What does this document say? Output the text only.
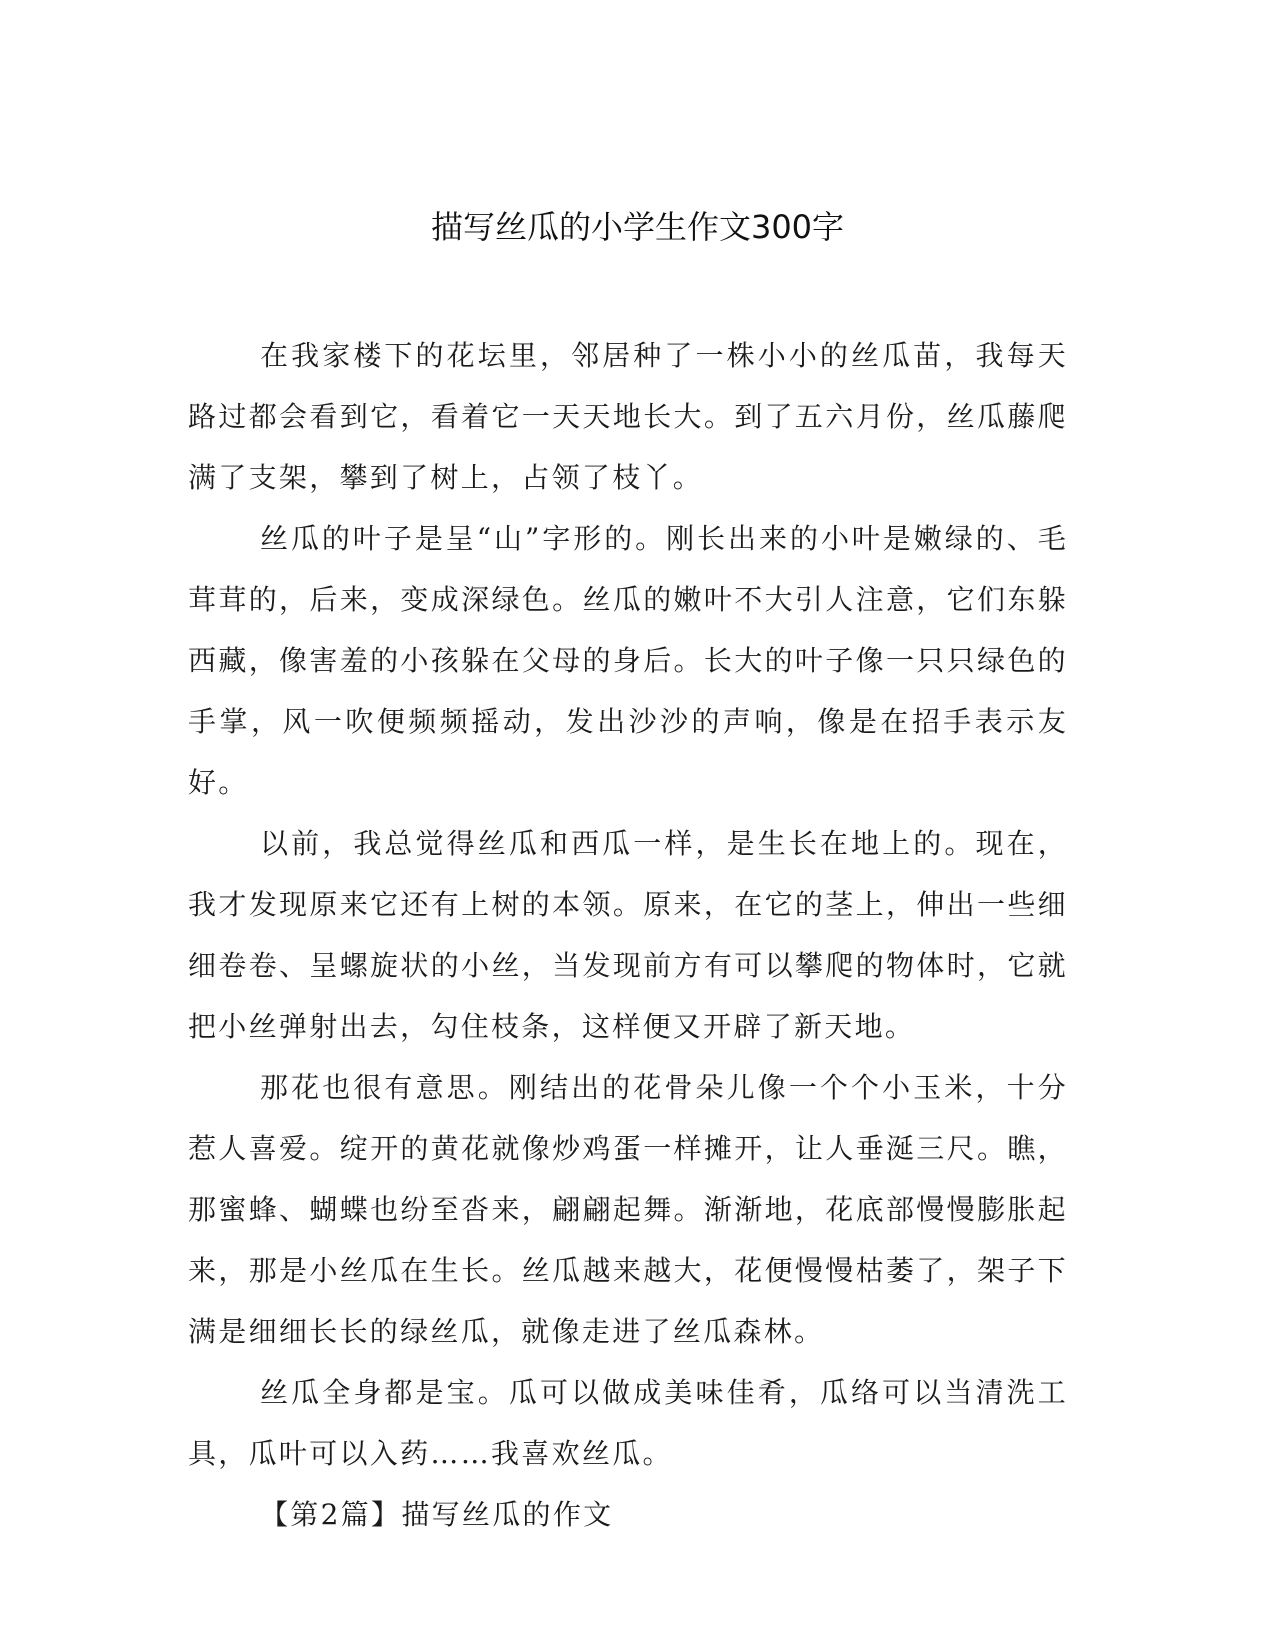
描写丝瓜的小学生作文300字

在我家楼下的花坛里，邻居种了一株小小的丝瓜苗，我每天路过都会看到它，看着它一天天地长大。到了五六月份，丝瓜藤爬满了支架，攀到了树上，占领了枝丫。

丝瓜的叶子是呈“山”字形的。刚长出来的小叶是嫩绿的、毛茸茸的，后来，变成深绿色。丝瓜的嫩叶不大引人注意，它们东躲西藏，像害羞的小孩躲在父母的身后。长大的叶子像一只只绿色的手掌，风一吹便频频摇动，发出沙沙的声响，像是在招手表示友好。

以前，我总觉得丝瓜和西瓜一样，是生长在地上的。现在，我才发现原来它还有上树的本领。原来，在它的茎上，伸出一些细细卷卷、呈螺旋状的小丝，当发现前方有可以攀爬的物体时，它就把小丝弹射出去，勾住枝条，这样便又开辟了新天地。

那花也很有意思。刚结出的花骨朵儿像一个个小玉米，十分惹人喜爱。绽开的黄花就像炒鸡蛋一样摊开，让人垂涎三尺。瞧，那蜜蜂、蝴蝶也纷至沓来，翩翩起舞。渐渐地，花底部慢慢膨胀起来，那是小丝瓜在生长。丝瓜越来越大，花便慢慢枯萎了，架子下满是细细长长的绿丝瓜，就像走进了丝瓜森林。

丝瓜全身都是宝。瓜可以做成美味佳肴，瓜络可以当清洗工具，瓜叶可以入药……我喜欢丝瓜。

【第2篇】描写丝瓜的作文
